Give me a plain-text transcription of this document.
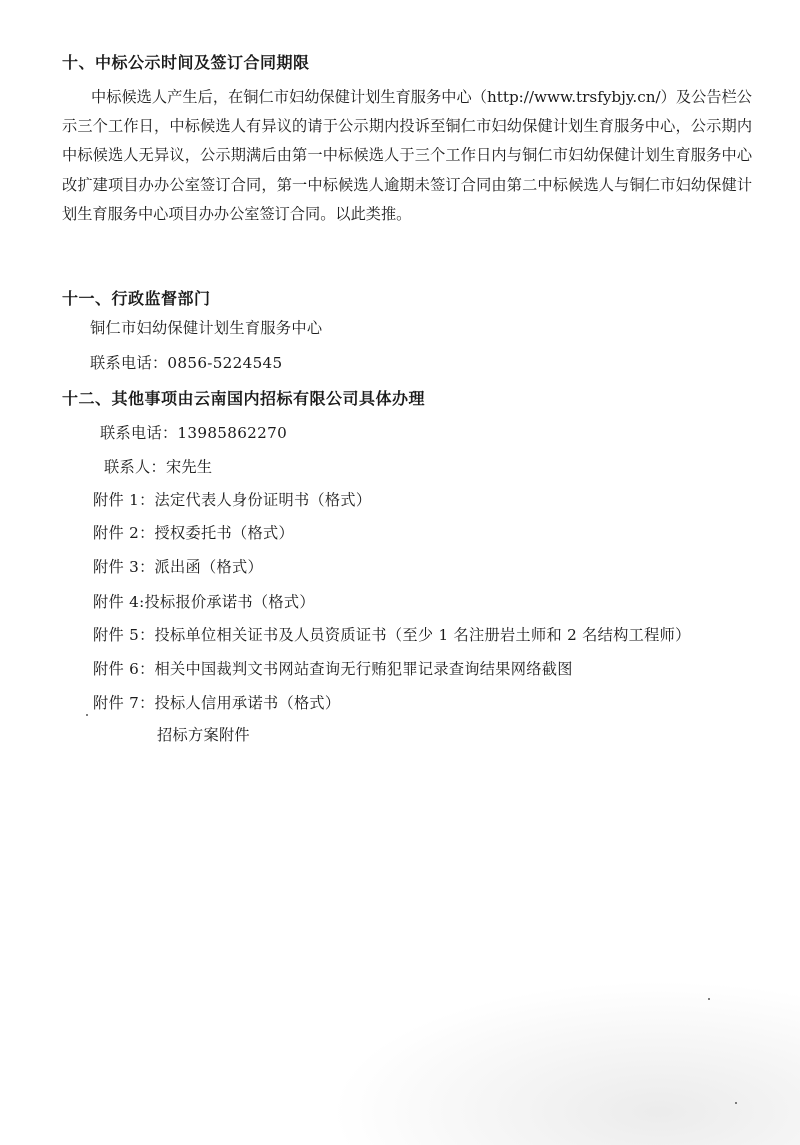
十、中标公示时间及签订合同期限
中标候选人产生后，在铜仁市妇幼保健计划生育服务中心（http://www.trsfybjy.cn/）及公告栏公示三个工作日，中标候选人有异议的请于公示期内投诉至铜仁市妇幼保健计划生育服务中心，公示期内中标候选人无异议，公示期满后由第一中标候选人于三个工作日内与铜仁市妇幼保健计划生育服务中心改扩建项目办办公室签订合同，第一中标候选人逾期未签订合同由第二中标候选人与铜仁市妇幼保健计划生育服务中心项目办办公室签订合同。以此类推。
十一、行政监督部门
铜仁市妇幼保健计划生育服务中心
联系电话：0856-5224545
十二、其他事项由云南国内招标有限公司具体办理
联系电话：13985862270
联系人：宋先生
附件 1：法定代表人身份证明书（格式）
附件 2：授权委托书（格式）
附件 3：派出函（格式）
附件 4:投标报价承诺书（格式）
附件 5：投标单位相关证书及人员资质证书（至少 1 名注册岩土师和 2 名结构工程师）
附件 6：相关中国裁判文书网站查询无行贿犯罪记录查询结果网络截图
附件 7：投标人信用承诺书（格式）
招标方案附件
